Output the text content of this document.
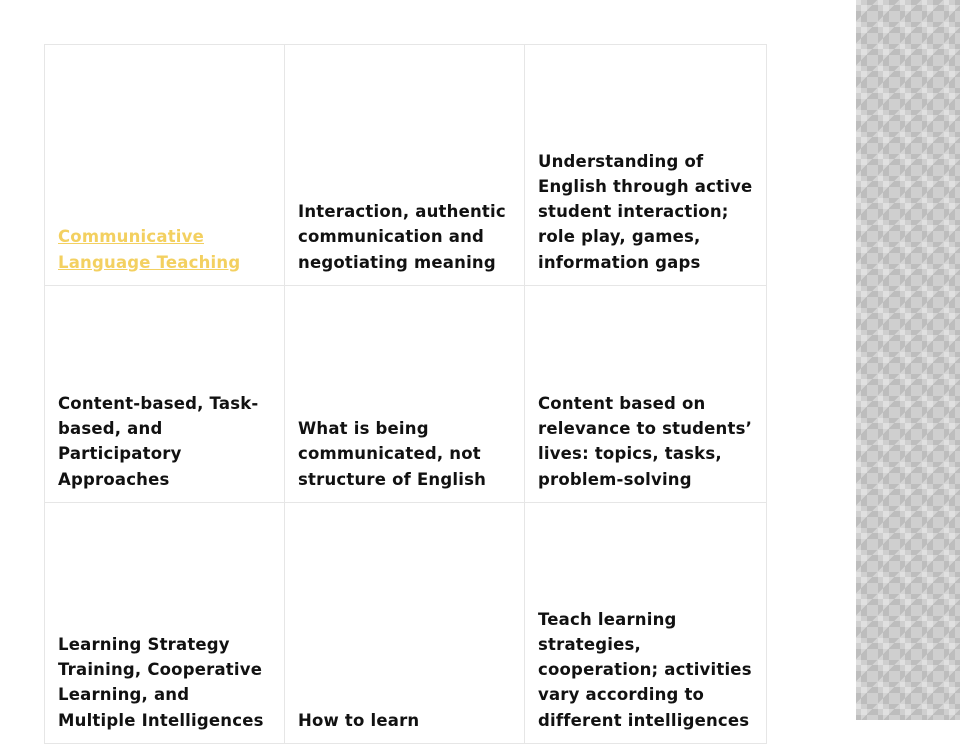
Communicative Language Teaching	Interaction, authentic communication and negotiating meaning	Understanding of English through active student interaction; role play, games, information gaps

Content-based, Task-based, and Participatory Approaches	What is being communicated, not structure of English	Content based on relevance to students’ lives: topics, tasks, problem-solving

Learning Strategy Training, Cooperative Learning, and Multiple Intelligences	How to learn	Teach learning strategies, cooperation; activities vary according to different intelligences
